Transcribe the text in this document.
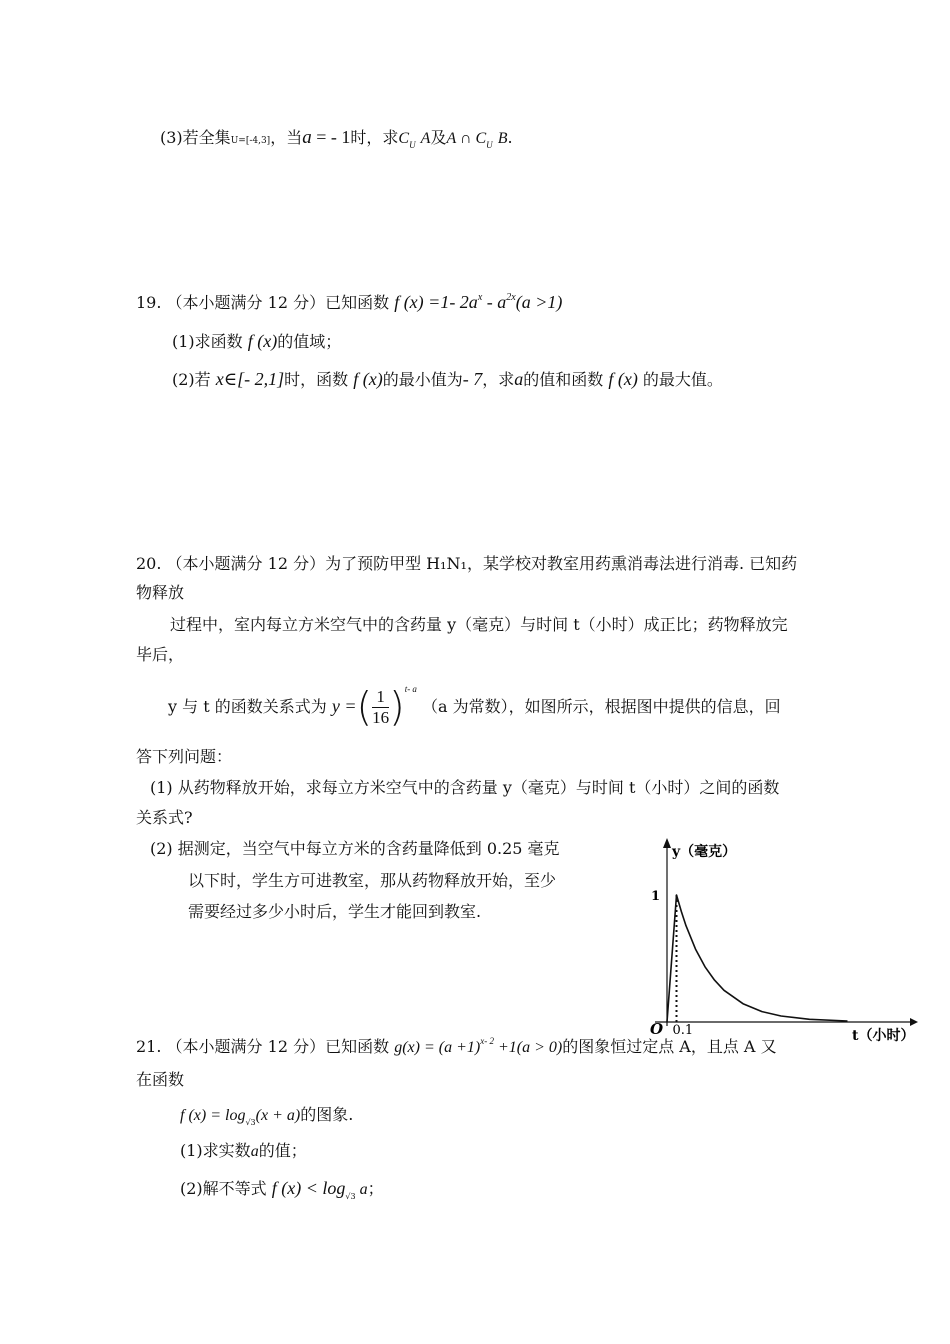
(3)若全集U=[-4,3]，当a = - 1时，求$C_U$ A及A ∩ $C_U$ B.
19. （本小题满分 12 分）已知函数 f (x) =1- $2a^x - a^{2x}(a >1)$
(1)求函数 f (x)的值域；
(2)若 x∈[- 2,1]时，函数 f (x)的最小值为- 7，求a的值和函数 f (x) 的最大值。
20. （本小题满分 12 分）为了预防甲型 H₁N₁，某学校对教室用药熏消毒法进行消毒. 已知药
物释放
过程中，室内每立方米空气中的含药量 y（毫克）与时间 t（小时）成正比；药物释放完
毕后，
y 与 t 的函数关系式为 y =( $\frac{1}{16} )^{t- a}$ （a 为常数），如图所示，根据图中提供的信息，回
答下列问题：
(1) 从药物释放开始，求每立方米空气中的含药量 y（毫克）与时间 t（小时）之间的函数
关系式?
(2) 据测定，当空气中每立方米的含药量降低到 0.25 毫克
以下时，学生方可进教室，那从药物释放开始，至少
需要经过多少小时后，学生才能回到教室.
y（毫克）
t（小时）
O 0.1
1
21. （本小题满分 12 分）已知函数 $g(x) = (a +1)^{x- 2} +1(a > 0)$的图象恒过定点 A，且点 A 又
在函数
f $(x) = \log_{√3}(x + a)$的图象.
(1)求实数a的值；
(2)解不等式 f $(x) < \log_{√3} a$；
